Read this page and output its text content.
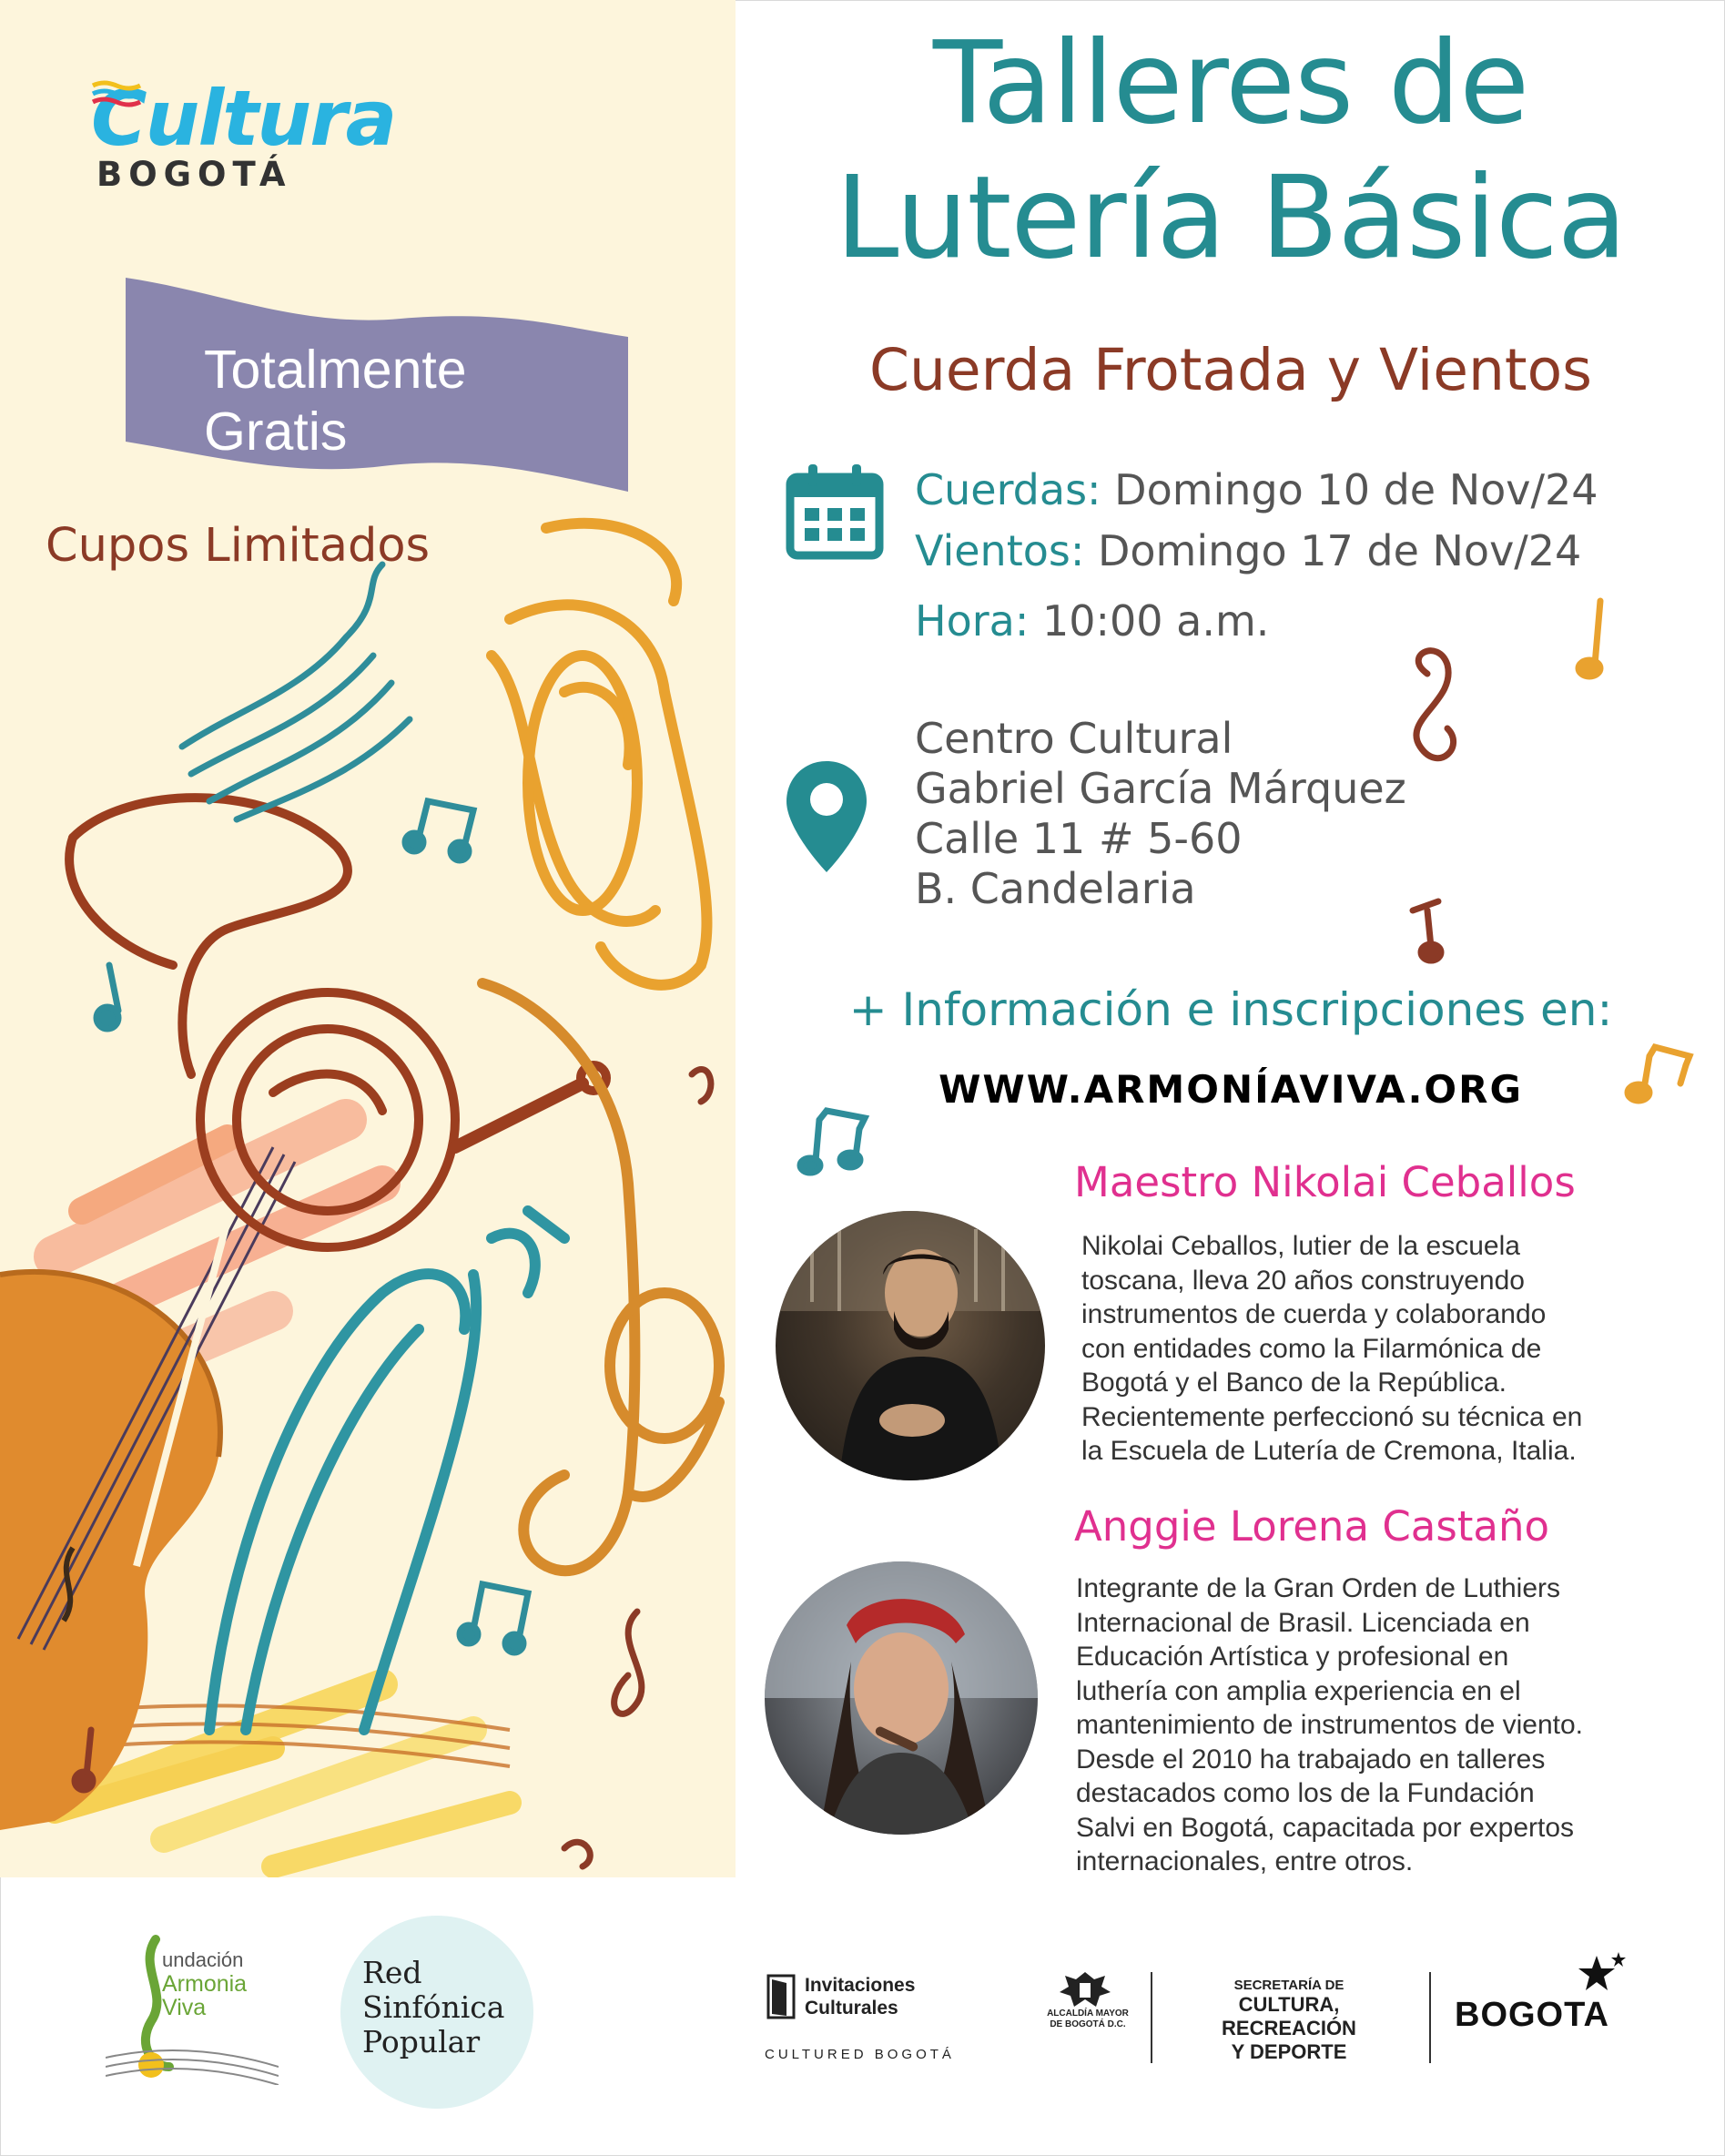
Cultura
BOGOTÁ
Totalmente
Gratis
Cupos Limitados
Talleres de
Lutería Básica
Cuerda Frotada y Vientos
Cuerdas: Domingo 10 de Nov/24
Vientos: Domingo 17 de Nov/24
Hora: 10:00 a.m.
Centro Cultural
Gabriel García Márquez
Calle 11 # 5-60
B. Candelaria
+ Información e inscripciones en:
WWW.ARMONÍAVIVA.ORG
Maestro Nikolai Ceballos
Nikolai Ceballos, lutier de la escuela
toscana, lleva 20 años construyendo
instrumentos de cuerda y colaborando
con entidades como la Filarmónica de
Bogotá y el Banco de la República.
Recientemente perfeccionó su técnica en
la Escuela de Lutería de Cremona, Italia.
Anggie Lorena Castaño
Integrante de la Gran Orden de Luthiers
Internacional de Brasil. Licenciada en
Educación Artística y profesional en
luthería con amplia experiencia en el
mantenimiento de instrumentos de viento.
Desde el 2010 ha trabajado en talleres
destacados como los de la Fundación
Salvi en Bogotá, capacitada por expertos
internacionales, entre otros.
undación
Armonia
Viva
Red
Sinfónica
Popular
Invitaciones
Culturales
CULTURED BOGOTÁ
ALCALDÍA MAYOR
DE BOGOTÁ D.C.
SECRETARÍA DE
CULTURA, RECREACIÓN
Y DEPORTE
BOGOTA
